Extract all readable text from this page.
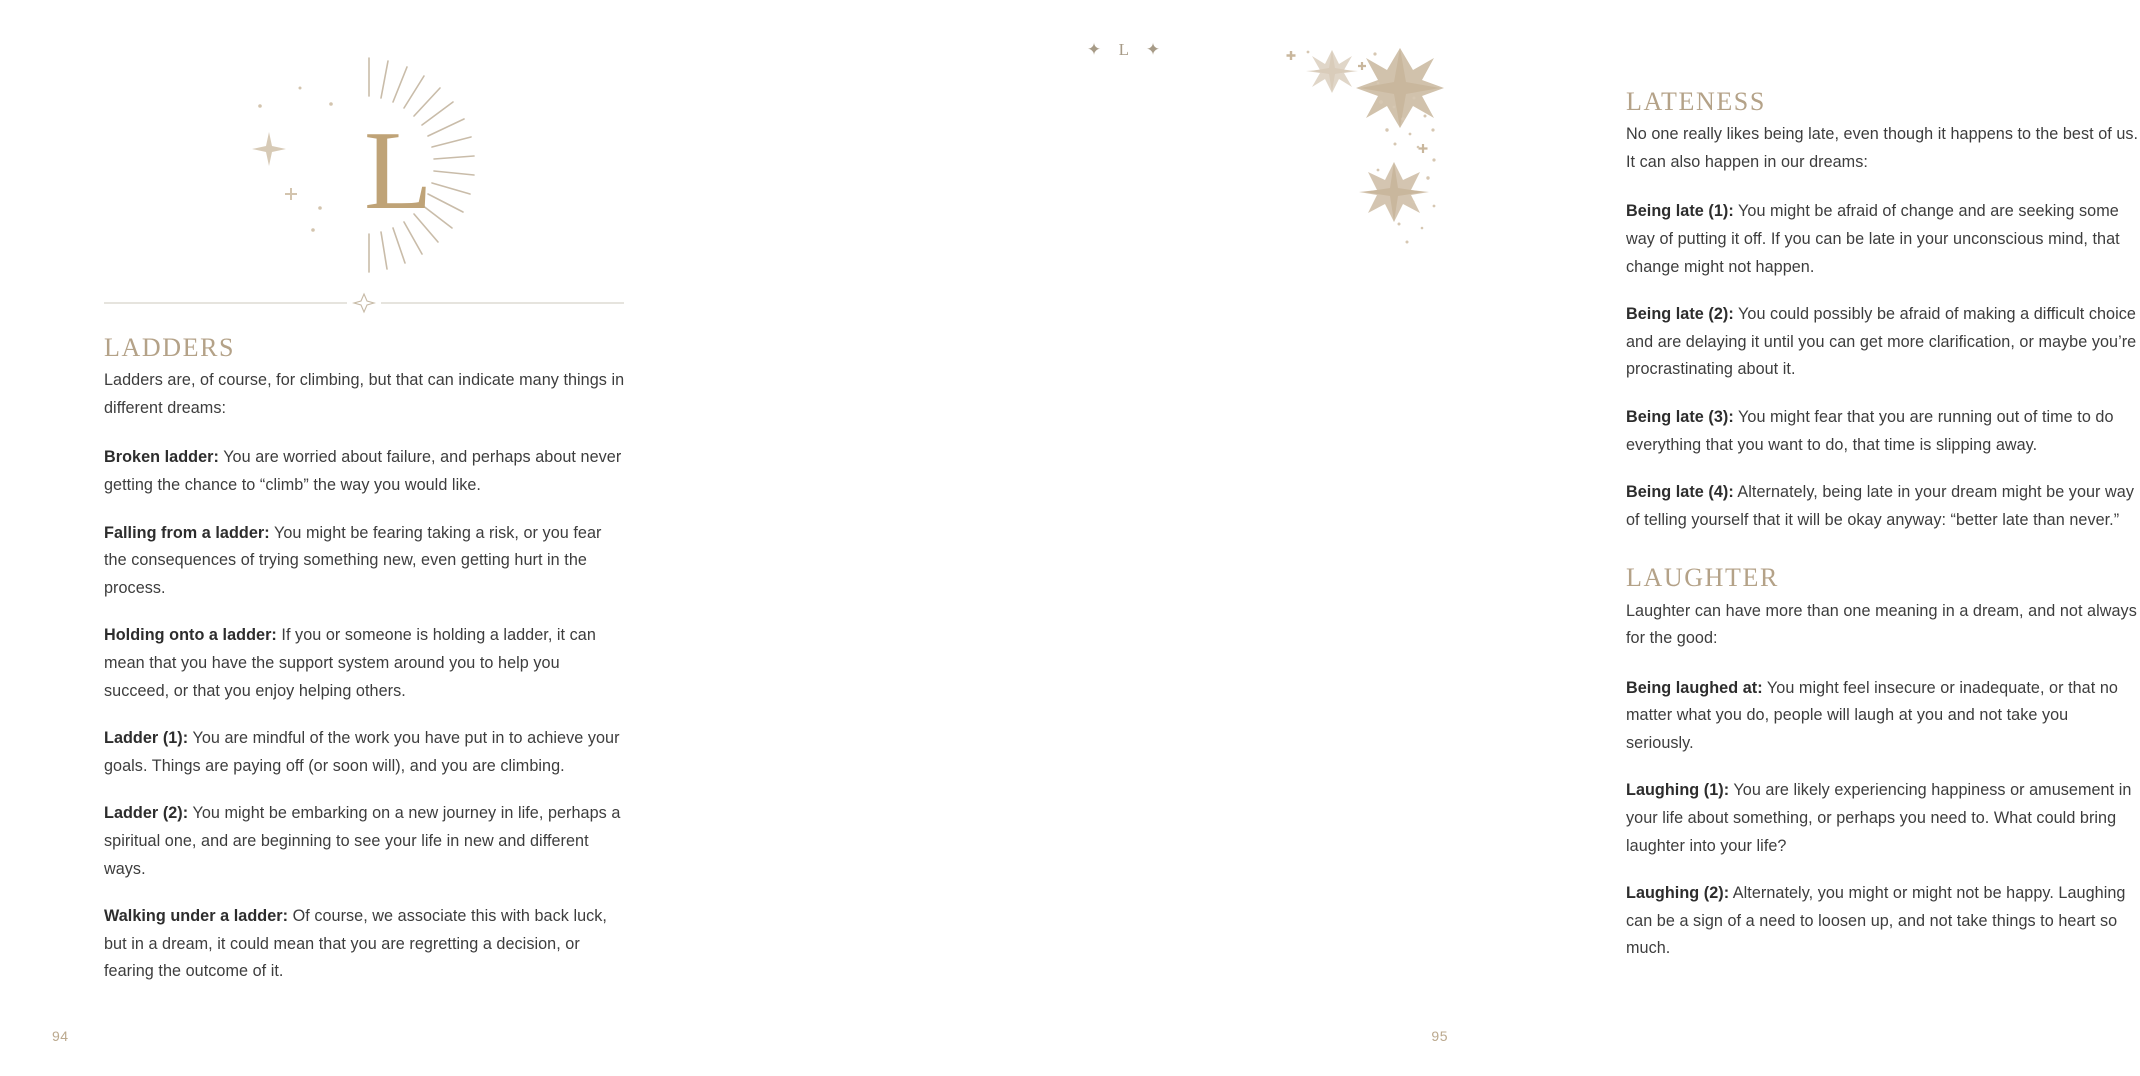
L
LADDERS

Ladders are, of course, for climbing, but that can indicate many things in different dreams:

Broken ladder: You are worried about failure, and perhaps about never getting the chance to “climb” the way you would like.

Falling from a ladder: You might be fearing taking a risk, or you fear the consequences of trying something new, even getting hurt in the process.

Holding onto a ladder: If you or someone is holding a ladder, it can mean that you have the support system around you to help you succeed, or that you enjoy helping others.

Ladder (1): You are mindful of the work you have put in to achieve your goals. Things are paying off (or soon will), and you are climbing.

Ladder (2): You might be embarking on a new journey in life, perhaps a spiritual one, and are beginning to see your life in new and different ways.

Walking under a ladder: Of course, we associate this with back luck, but in a dream, it could mean that you are regretting a decision, or fearing the outcome of it.

94
✦  L  ✦
LATENESS

No one really likes being late, even though it happens to the best of us. It can also happen in our dreams:

Being late (1): You might be afraid of change and are seeking some way of putting it off. If you can be late in your unconscious mind, that change might not happen.

Being late (2): You could possibly be afraid of making a difficult choice and are delaying it until you can get more clarification, or maybe you’re procrastinating about it.

Being late (3): You might fear that you are running out of time to do everything that you want to do, that time is slipping away.

Being late (4): Alternately, being late in your dream might be your way of telling yourself that it will be okay anyway: “better late than never.”

LAUGHTER

Laughter can have more than one meaning in a dream, and not always for the good:

Being laughed at: You might feel insecure or inadequate, or that no matter what you do, people will laugh at you and not take you seriously.

Laughing (1): You are likely experiencing happiness or amusement in your life about something, or perhaps you need to. What could bring laughter into your life?

Laughing (2): Alternately, you might or might not be happy. Laughing can be a sign of a need to loosen up, and not take things to heart so much.

95
